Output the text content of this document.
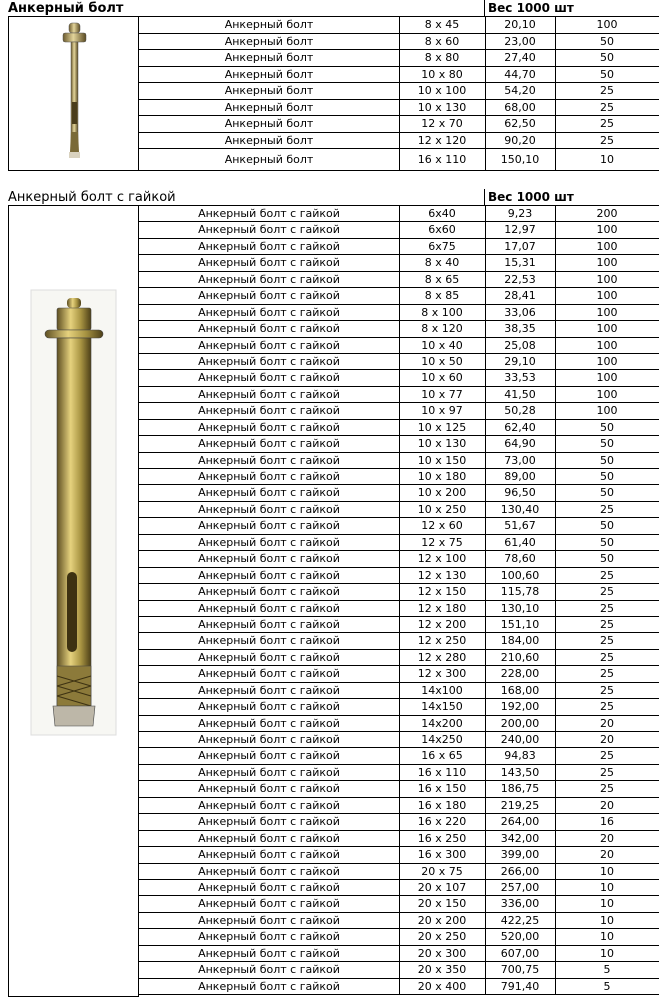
Анкерный болт	Вес 1000 шт
Анкерный болт	8 x 45	20,10	100
Анкерный болт	8 x 60	23,00	50
Анкерный болт	8 x 80	27,40	50
Анкерный болт	10 x 80	44,70	50
Анкерный болт	10 x 100	54,20	25
Анкерный болт	10 x 130	68,00	25
Анкерный болт	12 x 70	62,50	25
Анкерный болт	12 x 120	90,20	25
Анкерный болт	16 x 110	150,10	10
Анкерный болт с гайкой	Вес 1000 шт
Анкерный болт с гайкой	6x40	9,23	200
Анкерный болт с гайкой	6x60	12,97	100
Анкерный болт с гайкой	6x75	17,07	100
Анкерный болт с гайкой	8 x 40	15,31	100
Анкерный болт с гайкой	8 x 65	22,53	100
Анкерный болт с гайкой	8 x 85	28,41	100
Анкерный болт с гайкой	8 x 100	33,06	100
Анкерный болт с гайкой	8 x 120	38,35	100
Анкерный болт с гайкой	10 x 40	25,08	100
Анкерный болт с гайкой	10 x 50	29,10	100
Анкерный болт с гайкой	10 x 60	33,53	100
Анкерный болт с гайкой	10 x 77	41,50	100
Анкерный болт с гайкой	10 x 97	50,28	100
Анкерный болт с гайкой	10 x 125	62,40	50
Анкерный болт с гайкой	10 x 130	64,90	50
Анкерный болт с гайкой	10 x 150	73,00	50
Анкерный болт с гайкой	10 x 180	89,00	50
Анкерный болт с гайкой	10 x 200	96,50	50
Анкерный болт с гайкой	10 x 250	130,40	25
Анкерный болт с гайкой	12 x 60	51,67	50
Анкерный болт с гайкой	12 x 75	61,40	50
Анкерный болт с гайкой	12 x 100	78,60	50
Анкерный болт с гайкой	12 x 130	100,60	25
Анкерный болт с гайкой	12 x 150	115,78	25
Анкерный болт с гайкой	12 x 180	130,10	25
Анкерный болт с гайкой	12 x 200	151,10	25
Анкерный болт с гайкой	12 x 250	184,00	25
Анкерный болт с гайкой	12 x 280	210,60	25
Анкерный болт с гайкой	12 x 300	228,00	25
Анкерный болт с гайкой	14x100	168,00	25
Анкерный болт с гайкой	14x150	192,00	25
Анкерный болт с гайкой	14x200	200,00	20
Анкерный болт с гайкой	14x250	240,00	20
Анкерный болт с гайкой	16 x 65	94,83	25
Анкерный болт с гайкой	16 x 110	143,50	25
Анкерный болт с гайкой	16 x 150	186,75	25
Анкерный болт с гайкой	16 x 180	219,25	20
Анкерный болт с гайкой	16 x 220	264,00	16
Анкерный болт с гайкой	16 x 250	342,00	20
Анкерный болт с гайкой	16 x 300	399,00	20
Анкерный болт с гайкой	20 x 75	266,00	10
Анкерный болт с гайкой	20 x 107	257,00	10
Анкерный болт с гайкой	20 x 150	336,00	10
Анкерный болт с гайкой	20 x 200	422,25	10
Анкерный болт с гайкой	20 x 250	520,00	10
Анкерный болт с гайкой	20 x 300	607,00	10
Анкерный болт с гайкой	20 x 350	700,75	5
Анкерный болт с гайкой	20 x 400	791,40	5
